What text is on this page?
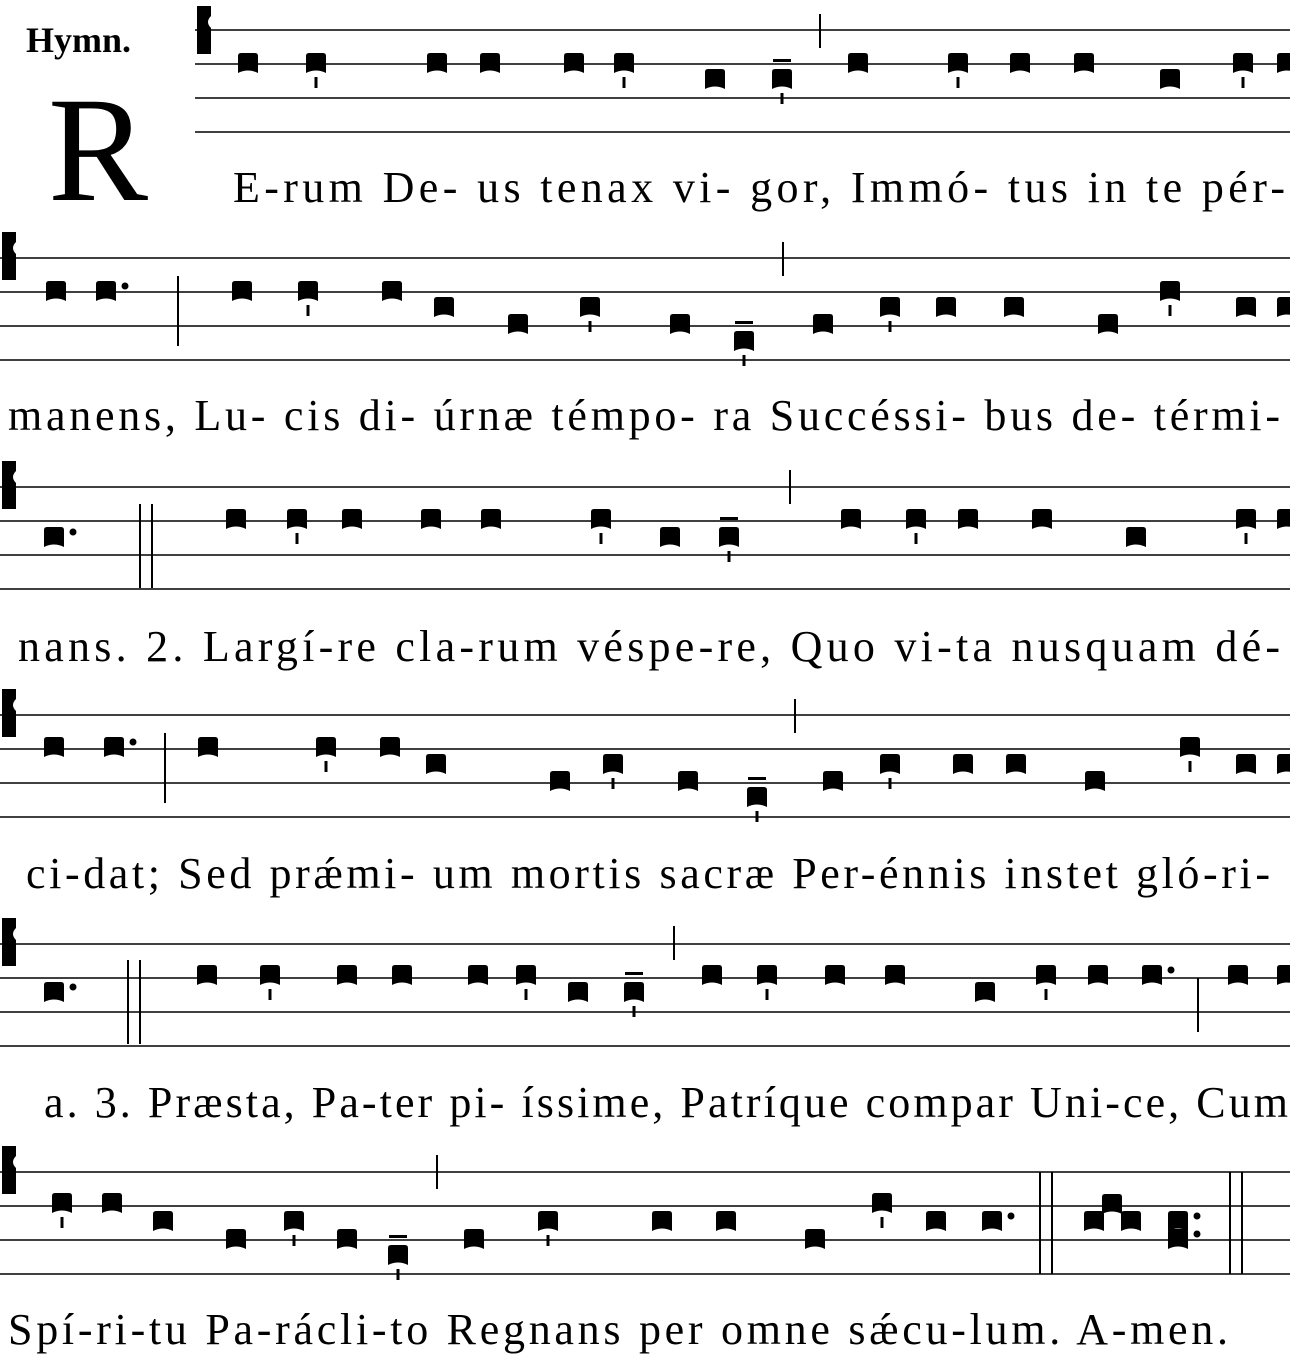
Hymn.
R E-rum De- us tenax vi- gor, Immó- tus in te pér-
manens, Lu- cis di- úrnæ témpo- ra Succéssi- bus de- térmi-
nans. 2. Largí-re cla-rum véspe-re, Quo vi-ta nusquam dé-
ci-dat; Sed prǽmi- um mortis sacræ Per-énnis instet gló-ri-
a. 3. Præsta, Pa-ter pi- íssime, Patríque compar Uni-ce, Cum
Spí-ri-tu Pa-rácli-to Regnans per omne sǽcu-lum. A-men.
